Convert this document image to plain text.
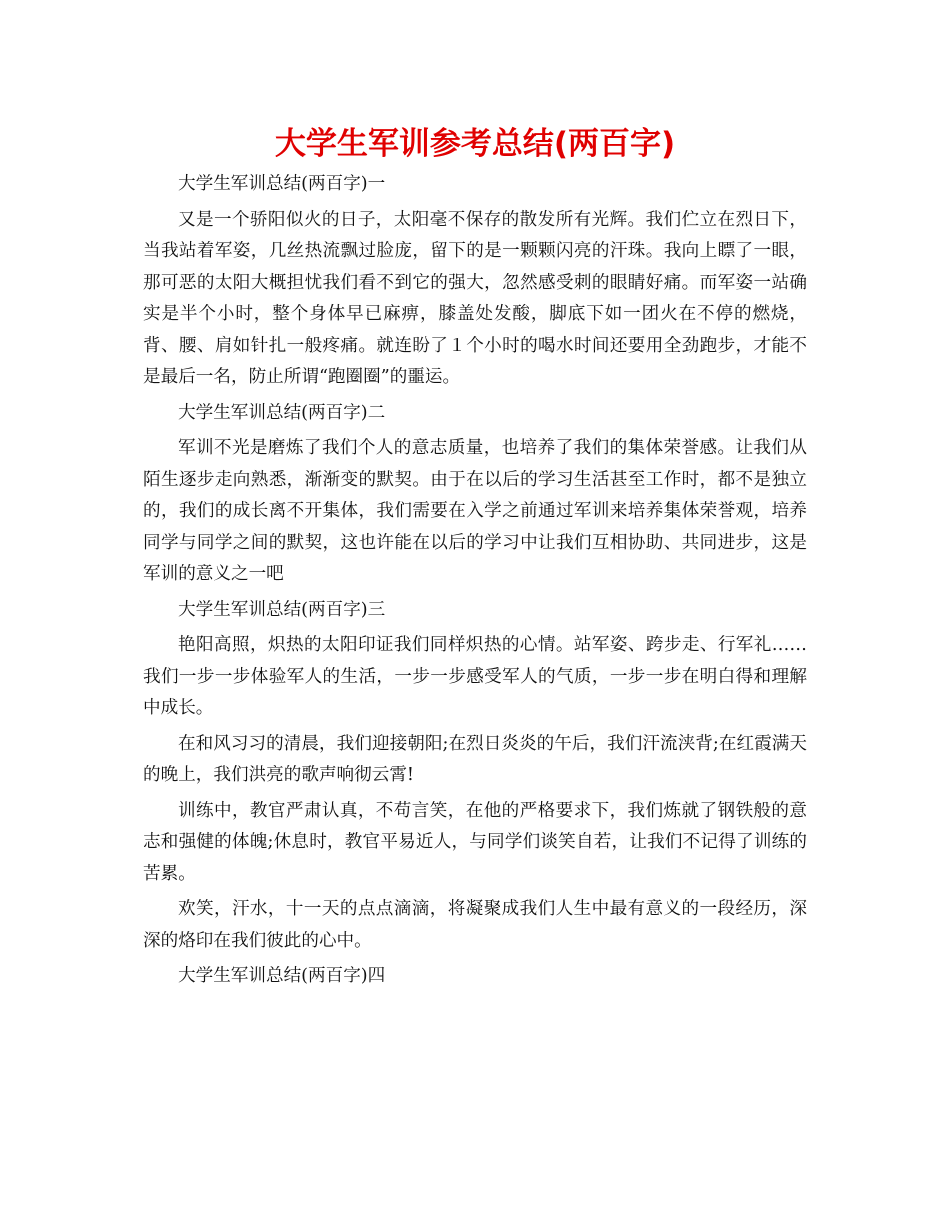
大学生军训参考总结(两百字)

大学生军训总结(两百字)一

又是一个骄阳似火的日子，太阳毫不保存的散发所有光辉。我们伫立在烈日下，当我站着军姿，几丝热流飘过脸庞，留下的是一颗颗闪亮的汗珠。我向上瞟了一眼，那可恶的太阳大概担忧我们看不到它的强大，忽然感受刺的眼睛好痛。而军姿一站确实是半个小时，整个身体早已麻痹，膝盖处发酸，脚底下如一团火在不停的燃烧，背、腰、肩如针扎一般疼痛。就连盼了１个小时的喝水时间还要用全劲跑步，才能不是最后一名，防止所谓“跑圈圈”的噩运。

大学生军训总结(两百字)二

军训不光是磨炼了我们个人的意志质量，也培养了我们的集体荣誉感。让我们从陌生逐步走向熟悉，渐渐变的默契。由于在以后的学习生活甚至工作时，都不是独立的，我们的成长离不开集体，我们需要在入学之前通过军训来培养集体荣誉观，培养同学与同学之间的默契，这也许能在以后的学习中让我们互相协助、共同进步，这是军训的意义之一吧

大学生军训总结(两百字)三

艳阳高照，炽热的太阳印证我们同样炽热的心情。站军姿、跨步走、行军礼……我们一步一步体验军人的生活，一步一步感受军人的气质，一步一步在明白得和理解中成长。

在和风习习的清晨，我们迎接朝阳;在烈日炎炎的午后，我们汗流浃背;在红霞满天的晚上，我们洪亮的歌声响彻云霄!

训练中，教官严肃认真，不苟言笑，在他的严格要求下，我们炼就了钢铁般的意志和强健的体魄;休息时，教官平易近人，与同学们谈笑自若，让我们不记得了训练的苦累。

欢笑，汗水，十一天的点点滴滴，将凝聚成我们人生中最有意义的一段经历，深深的烙印在我们彼此的心中。

大学生军训总结(两百字)四
